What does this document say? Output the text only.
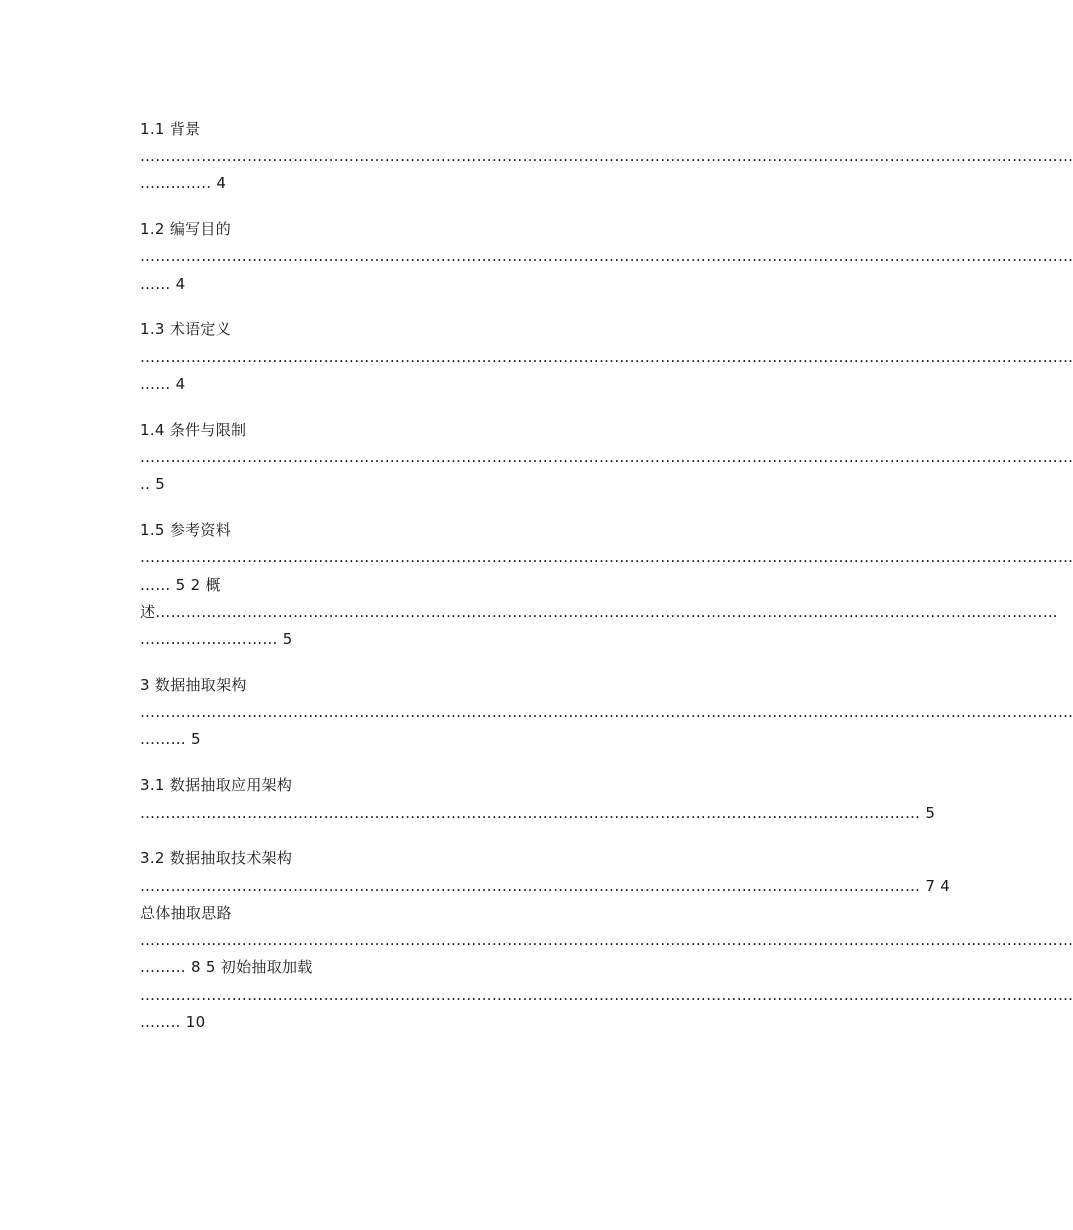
1.1 背景
…………………………………………………………………………………………………………………………………………………………………
………….. 4
1.2 编写目的
…………………………………………………………………………………………………………………………………………………………………
…… 4
1.3 术语定义
…………………………………………………………………………………………………………………………………………………………………
…… 4
1.4 条件与限制
…………………………………………………………………………………………………………………………………………………………………
.. 5
1.5 参考资料
…………………………………………………………………………………………………………………………………………………………………
…… 5 2 概
述……………………………………………………………………………………………………………………………………………………………
……………………… 5
3 数据抽取架构
…………………………………………………………………………………………………………………………………………………………………
……… 5
3.1 数据抽取应用架构
……………………………………………………………………………………………………………………………………… 5
3.2 数据抽取技术架构
……………………………………………………………………………………………………………………………………… 7 4
总体抽取思路
…………………………………………………………………………………………………………………………………………………………………
……… 8 5 初始抽取加载
…………………………………………………………………………………………………………………………………………………………………
…….. 10
